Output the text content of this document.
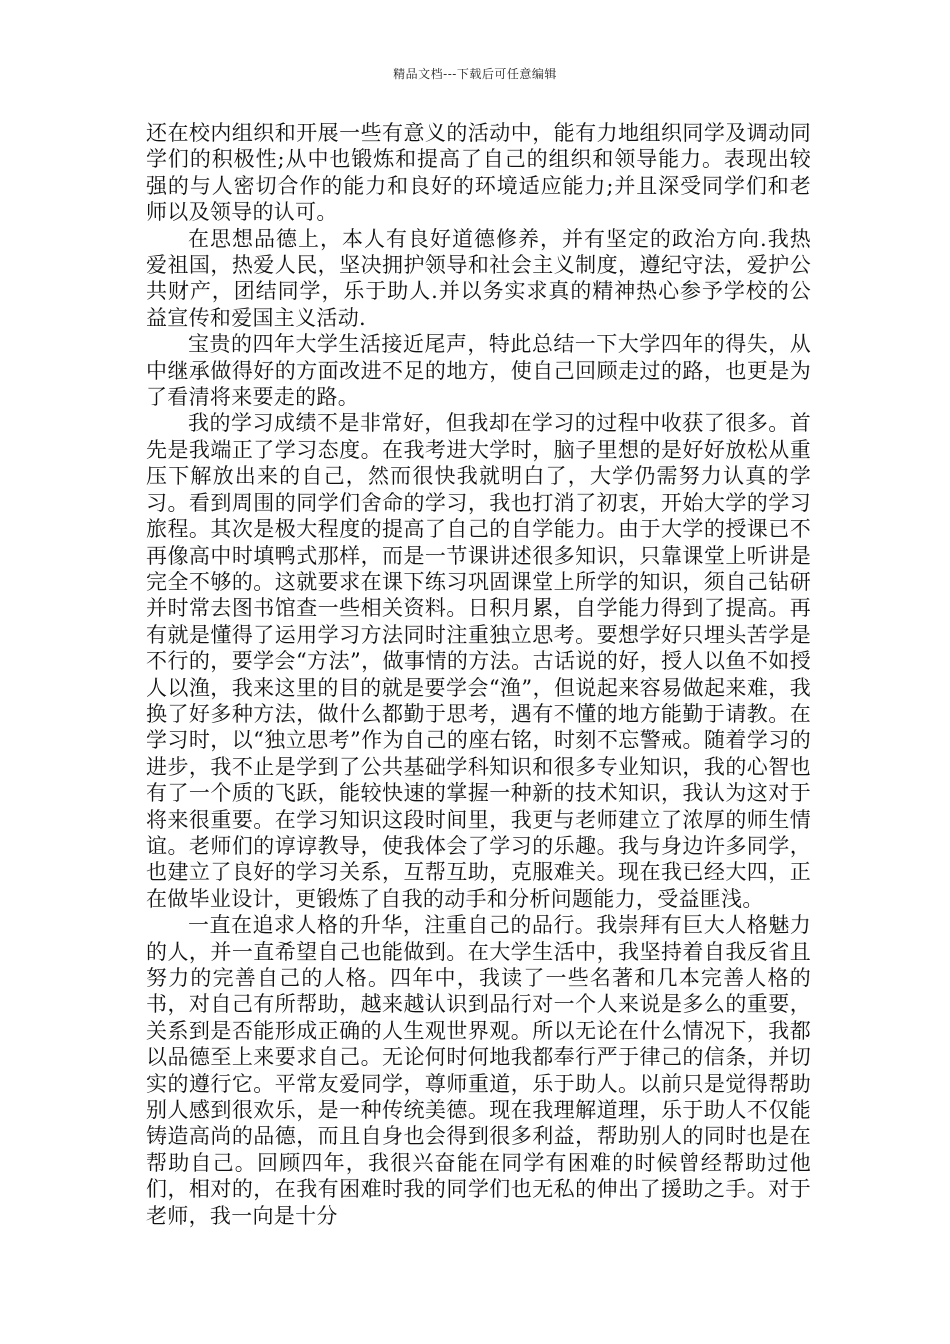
精品文档---下载后可任意编辑

还在校内组织和开展一些有意义的活动中，能有力地组织同学及调动同学们的积极性;从中也锻炼和提高了自己的组织和领导能力。表现出较强的与人密切合作的能力和良好的环境适应能力;并且深受同学们和老师以及领导的认可。

在思想品德上，本人有良好道德修养，并有坚定的政治方向.我热爱祖国，热爱人民，坚决拥护领导和社会主义制度，遵纪守法，爱护公共财产，团结同学，乐于助人.并以务实求真的精神热心参予学校的公益宣传和爱国主义活动.

宝贵的四年大学生活接近尾声，特此总结一下大学四年的得失，从中继承做得好的方面改进不足的地方，使自己回顾走过的路，也更是为了看清将来要走的路。

我的学习成绩不是非常好，但我却在学习的过程中收获了很多。首先是我端正了学习态度。在我考进大学时，脑子里想的是好好放松从重压下解放出来的自己，然而很快我就明白了，大学仍需努力认真的学习。看到周围的同学们舍命的学习，我也打消了初衷，开始大学的学习旅程。其次是极大程度的提高了自己的自学能力。由于大学的授课已不再像高中时填鸭式那样，而是一节课讲述很多知识，只靠课堂上听讲是完全不够的。这就要求在课下练习巩固课堂上所学的知识，须自己钻研并时常去图书馆查一些相关资料。日积月累，自学能力得到了提高。再有就是懂得了运用学习方法同时注重独立思考。要想学好只埋头苦学是不行的，要学会“方法”，做事情的方法。古话说的好，授人以鱼不如授人以渔，我来这里的目的就是要学会“渔”，但说起来容易做起来难，我换了好多种方法，做什么都勤于思考，遇有不懂的地方能勤于请教。在学习时，以“独立思考”作为自己的座右铭，时刻不忘警戒。随着学习的进步，我不止是学到了公共基础学科知识和很多专业知识，我的心智也有了一个质的飞跃，能较快速的掌握一种新的技术知识，我认为这对于将来很重要。在学习知识这段时间里，我更与老师建立了浓厚的师生情谊。老师们的谆谆教导，使我体会了学习的乐趣。我与身边许多同学，也建立了良好的学习关系，互帮互助，克服难关。现在我已经大四，正在做毕业设计，更锻炼了自我的动手和分析问题能力，受益匪浅。

一直在追求人格的升华，注重自己的品行。我崇拜有巨大人格魅力的人，并一直希望自己也能做到。在大学生活中，我坚持着自我反省且努力的完善自己的人格。四年中，我读了一些名著和几本完善人格的书，对自己有所帮助，越来越认识到品行对一个人来说是多么的重要，关系到是否能形成正确的人生观世界观。所以无论在什么情况下，我都以品德至上来要求自己。无论何时何地我都奉行严于律己的信条，并切实的遵行它。平常友爱同学，尊师重道，乐于助人。以前只是觉得帮助别人感到很欢乐，是一种传统美德。现在我理解道理，乐于助人不仅能铸造高尚的品德，而且自身也会得到很多利益，帮助别人的同时也是在帮助自己。回顾四年，我很兴奋能在同学有困难的时候曾经帮助过他们，相对的，在我有困难时我的同学们也无私的伸出了援助之手。对于老师，我一向是十分
